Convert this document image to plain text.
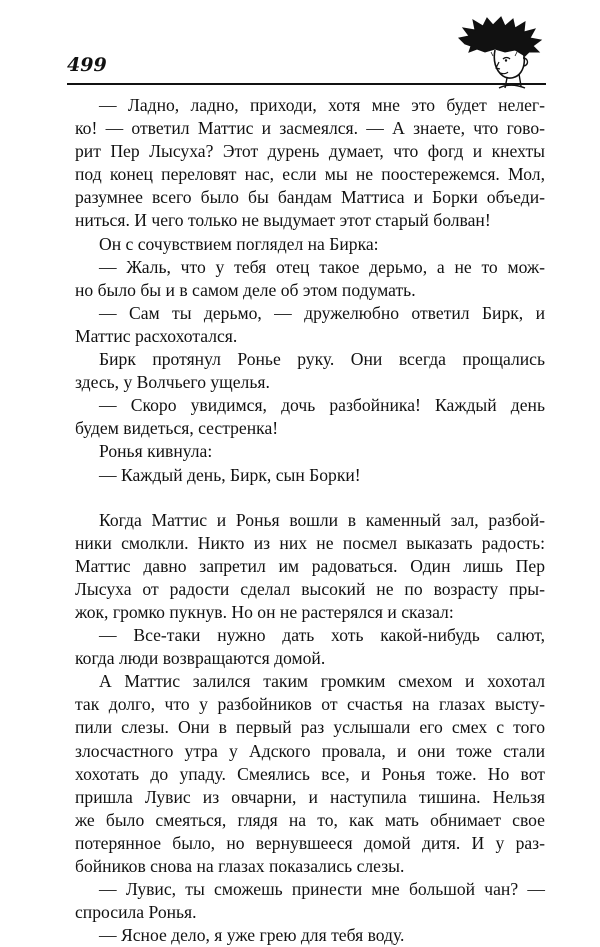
499

— Ладно, ладно, приходи, хотя мне это будет нелег-
ко! — ответил Маттис и засмеялся. — А знаете, что гово-
рит Пер Лысуха? Этот дурень думает, что фогд и кнехты
под конец переловят нас, если мы не поостережемся. Мол,
разумнее всего было бы бандам Маттиса и Борки объеди-
ниться. И чего только не выдумает этот старый болван!

Он с сочувствием поглядел на Бирка:

— Жаль, что у тебя отец такое дерьмо, а не то мож-
но было бы и в самом деле об этом подумать.

— Сам ты дерьмо, — дружелюбно ответил Бирк, и
Маттис расхохотался.

Бирк протянул Ронье руку. Они всегда прощались
здесь, у Волчьего ущелья.

— Скоро увидимся, дочь разбойника! Каждый день
будем видеться, сестренка!

Ронья кивнула:

— Каждый день, Бирк, сын Борки!

Когда Маттис и Ронья вошли в каменный зал, разбой-
ники смолкли. Никто из них не посмел выказать радость:
Маттис давно запретил им радоваться. Один лишь Пер
Лысуха от радости сделал высокий не по возрасту пры-
жок, громко пукнув. Но он не растерялся и сказал:

— Все-таки нужно дать хоть какой-нибудь салют,
когда люди возвращаются домой.

А Маттис залился таким громким смехом и хохотал
так долго, что у разбойников от счастья на глазах высту-
пили слезы. Они в первый раз услышали его смех с того
злосчастного утра у Адского провала, и они тоже стали
хохотать до упаду. Смеялись все, и Ронья тоже. Но вот
пришла Лувис из овчарни, и наступила тишина. Нельзя
же было смеяться, глядя на то, как мать обнимает свое
потерянное было, но вернувшееся домой дитя. И у раз-
бойников снова на глазах показались слезы.

— Лувис, ты сможешь принести мне большой чан? —
спросила Ронья.

— Ясное дело, я уже грею для тебя воду.
